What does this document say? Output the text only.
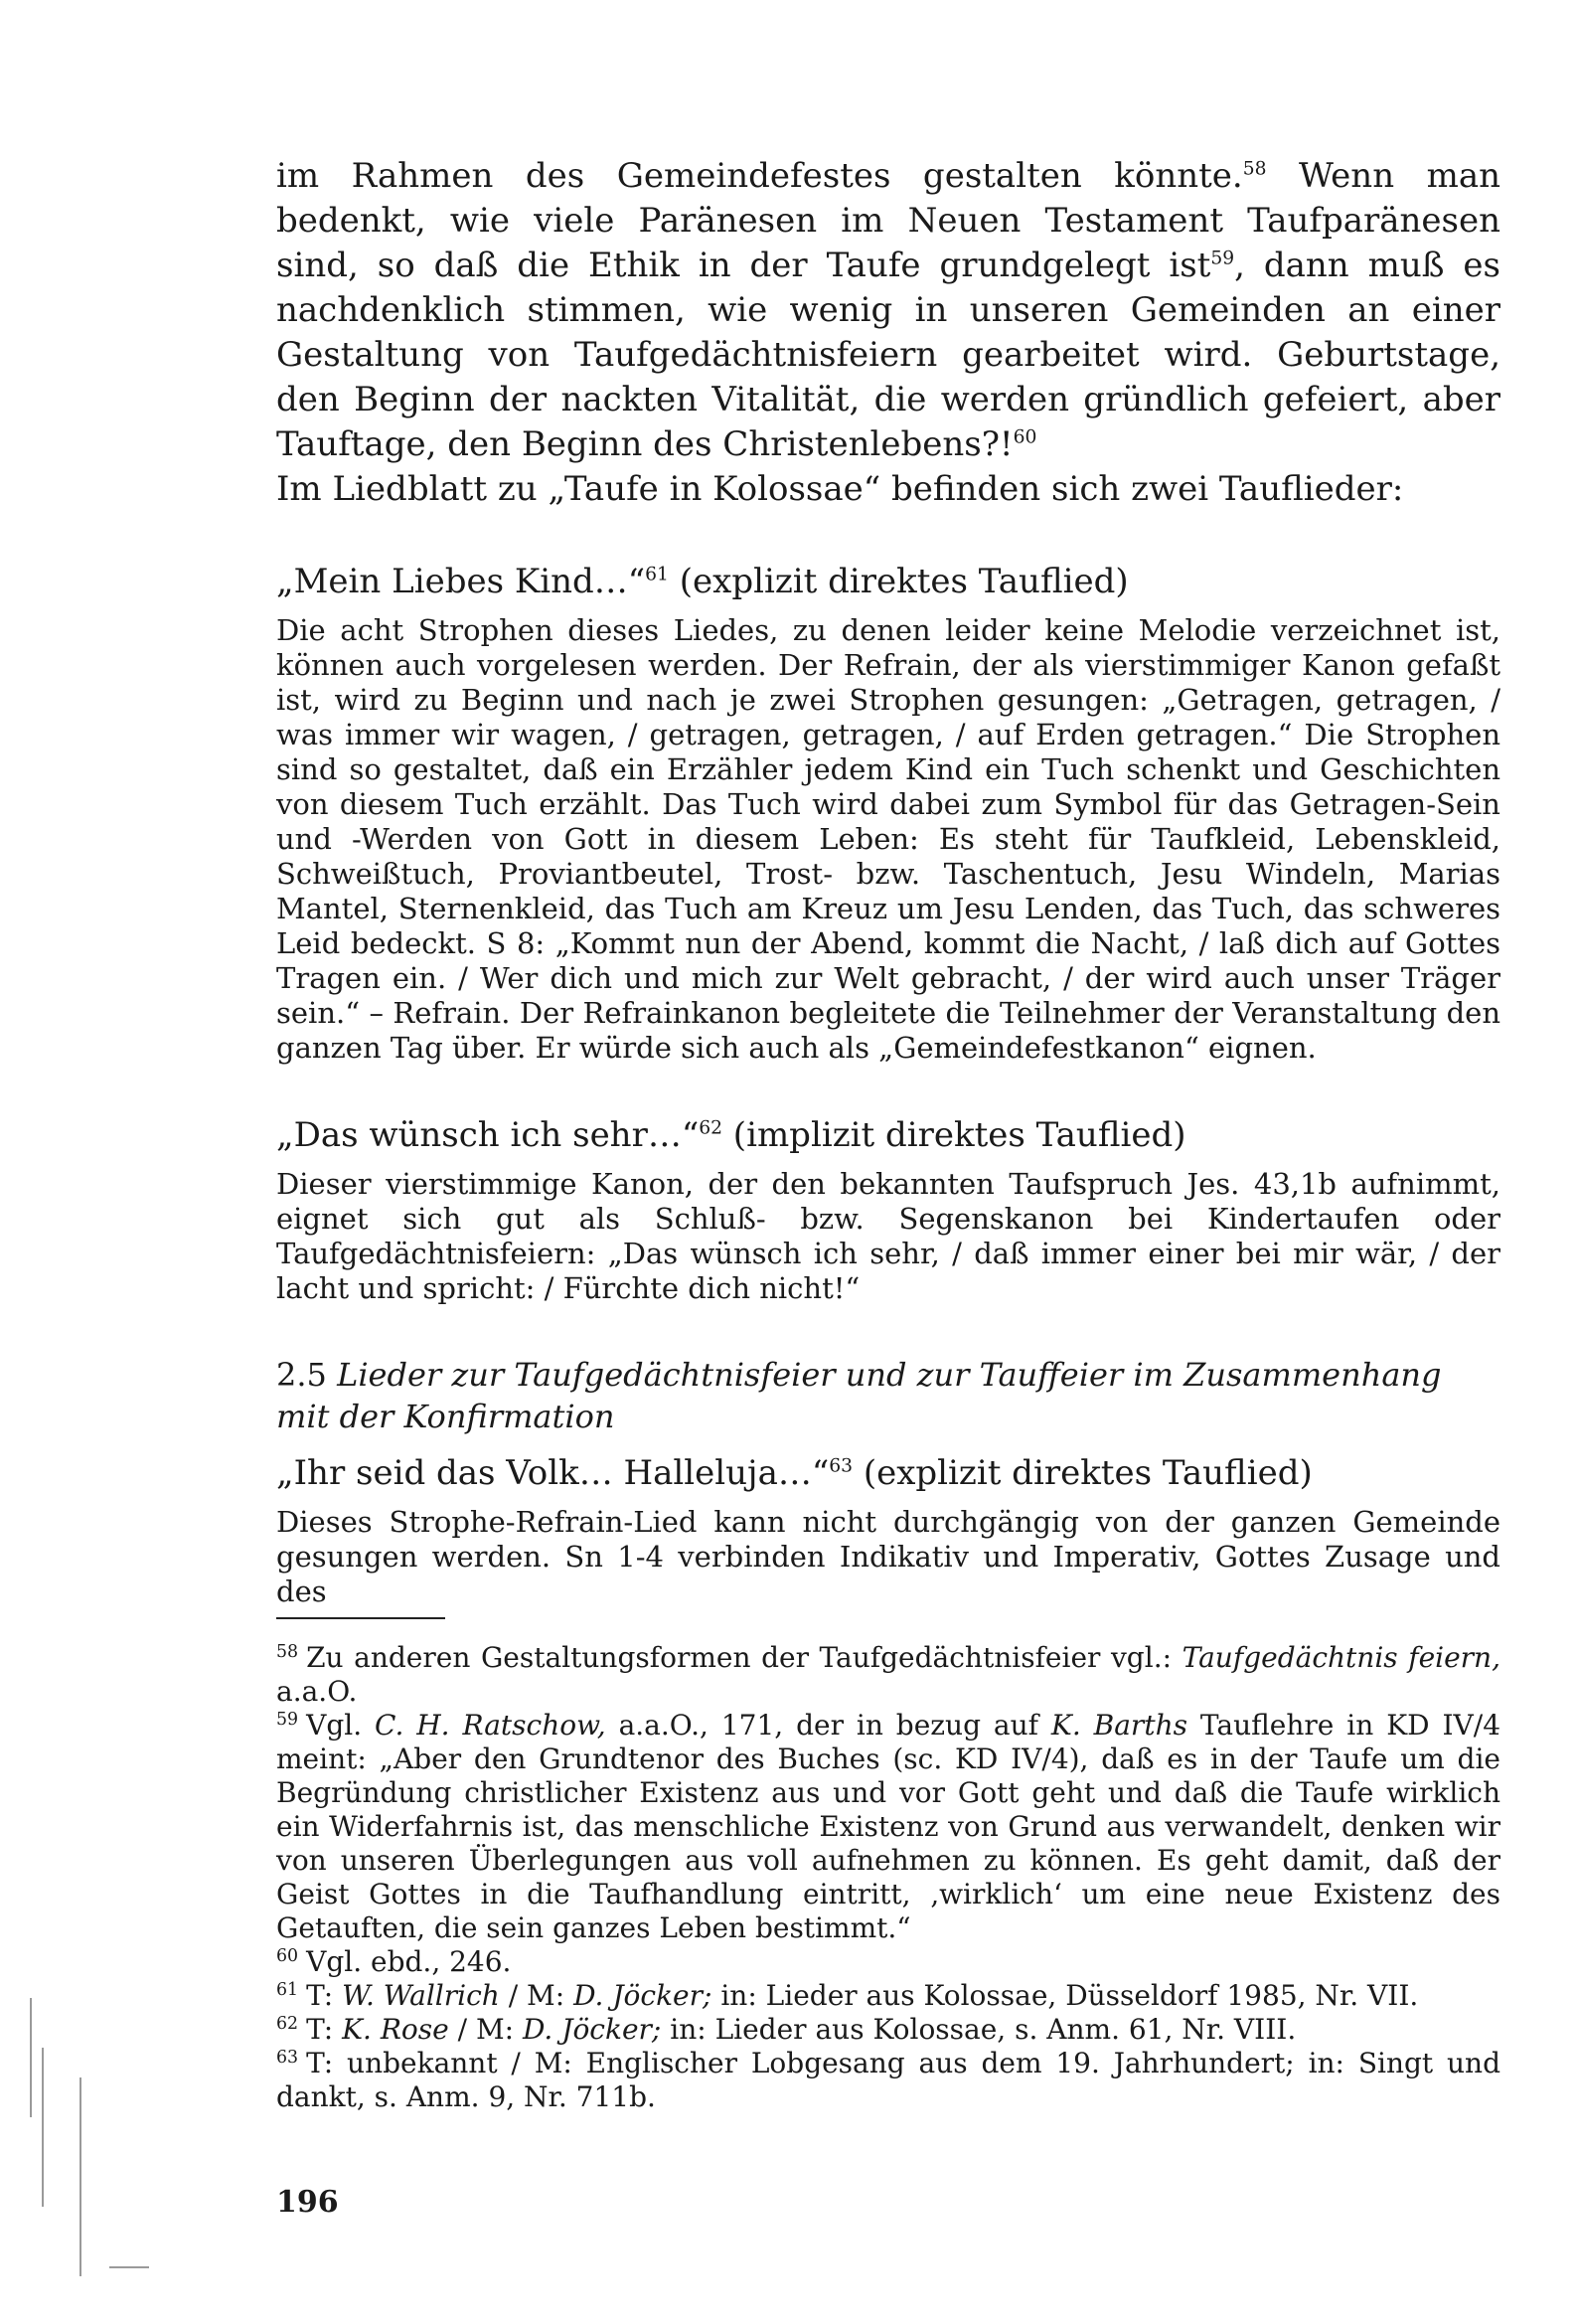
im Rahmen des Gemeindefestes gestalten könnte.$^{58}$ Wenn man bedenkt, wie viele Paränesen im Neuen Testament Taufparänesen sind, so daß die Ethik in der Taufe grundgelegt ist$^{59}$, dann muß es nachdenklich stimmen, wie wenig in unseren Gemeinden an einer Gestaltung von Taufgedächtnisfeiern gearbeitet wird. Geburtstage, den Beginn der nackten Vitalität, die werden gründlich gefeiert, aber Tauftage, den Beginn des Christenlebens?!$^{60}$

Im Liedblatt zu „Taufe in Kolossae“ befinden sich zwei Tauflieder:

„Mein Liebes Kind…“$^{61}$ (explizit direktes Tauflied)

Die acht Strophen dieses Liedes, zu denen leider keine Melodie verzeichnet ist, können auch vorgelesen werden. Der Refrain, der als vierstimmiger Kanon gefaßt ist, wird zu Beginn und nach je zwei Strophen gesungen: „Getragen, getragen, / was immer wir wagen, / getragen, getragen, / auf Erden getragen.“ Die Strophen sind so gestaltet, daß ein Erzähler jedem Kind ein Tuch schenkt und Geschichten von diesem Tuch erzählt. Das Tuch wird dabei zum Symbol für das Getragen-Sein und -Werden von Gott in diesem Leben: Es steht für Taufkleid, Lebenskleid, Schweißtuch, Proviantbeutel, Trost- bzw. Taschentuch, Jesu Windeln, Marias Mantel, Sternenkleid, das Tuch am Kreuz um Jesu Lenden, das Tuch, das schweres Leid bedeckt. S 8: „Kommt nun der Abend, kommt die Nacht, / laß dich auf Gottes Tragen ein. / Wer dich und mich zur Welt gebracht, / der wird auch unser Träger sein.“ – Refrain. Der Refrainkanon begleitete die Teilnehmer der Veranstaltung den ganzen Tag über. Er würde sich auch als „Gemeindefestkanon“ eignen.

„Das wünsch ich sehr…“$^{62}$ (implizit direktes Tauflied)

Dieser vierstimmige Kanon, der den bekannten Taufspruch Jes. 43,1b aufnimmt, eignet sich gut als Schluß- bzw. Segenskanon bei Kindertaufen oder Taufgedächtnisfeiern: „Das wünsch ich sehr, / daß immer einer bei mir wär, / der lacht und spricht: / Fürchte dich nicht!“

2.5 Lieder zur Taufgedächtnisfeier und zur Tauffeier im Zusammenhang mit der Konfirmation

„Ihr seid das Volk… Halleluja…“$^{63}$ (explizit direktes Tauflied)

Dieses Strophe-Refrain-Lied kann nicht durchgängig von der ganzen Gemeinde gesungen werden. Sn 1-4 verbinden Indikativ und Imperativ, Gottes Zusage und des

$^{58}$ Zu anderen Gestaltungsformen der Taufgedächtnisfeier vgl.: Taufgedächtnis feiern, a.a.O.

$^{59}$ Vgl. C. H. Ratschow, a.a.O., 171, der in bezug auf K. Barths Tauflehre in KD IV/4 meint: „Aber den Grundtenor des Buches (sc. KD IV/4), daß es in der Taufe um die Begründung christlicher Existenz aus und vor Gott geht und daß die Taufe wirklich ein Widerfahrnis ist, das menschliche Existenz von Grund aus verwandelt, denken wir von unseren Überlegungen aus voll aufnehmen zu können. Es geht damit, daß der Geist Gottes in die Taufhandlung eintritt, ‚wirklich‘ um eine neue Existenz des Getauften, die sein ganzes Leben bestimmt.“

$^{60}$ Vgl. ebd., 246.

$^{61}$ T: W. Wallrich / M: D. Jöcker; in: Lieder aus Kolossae, Düsseldorf 1985, Nr. VII.

$^{62}$ T: K. Rose / M: D. Jöcker; in: Lieder aus Kolossae, s. Anm. 61, Nr. VIII.

$^{63}$ T: unbekannt / M: Englischer Lobgesang aus dem 19. Jahrhundert; in: Singt und dankt, s. Anm. 9, Nr. 711b.

196
